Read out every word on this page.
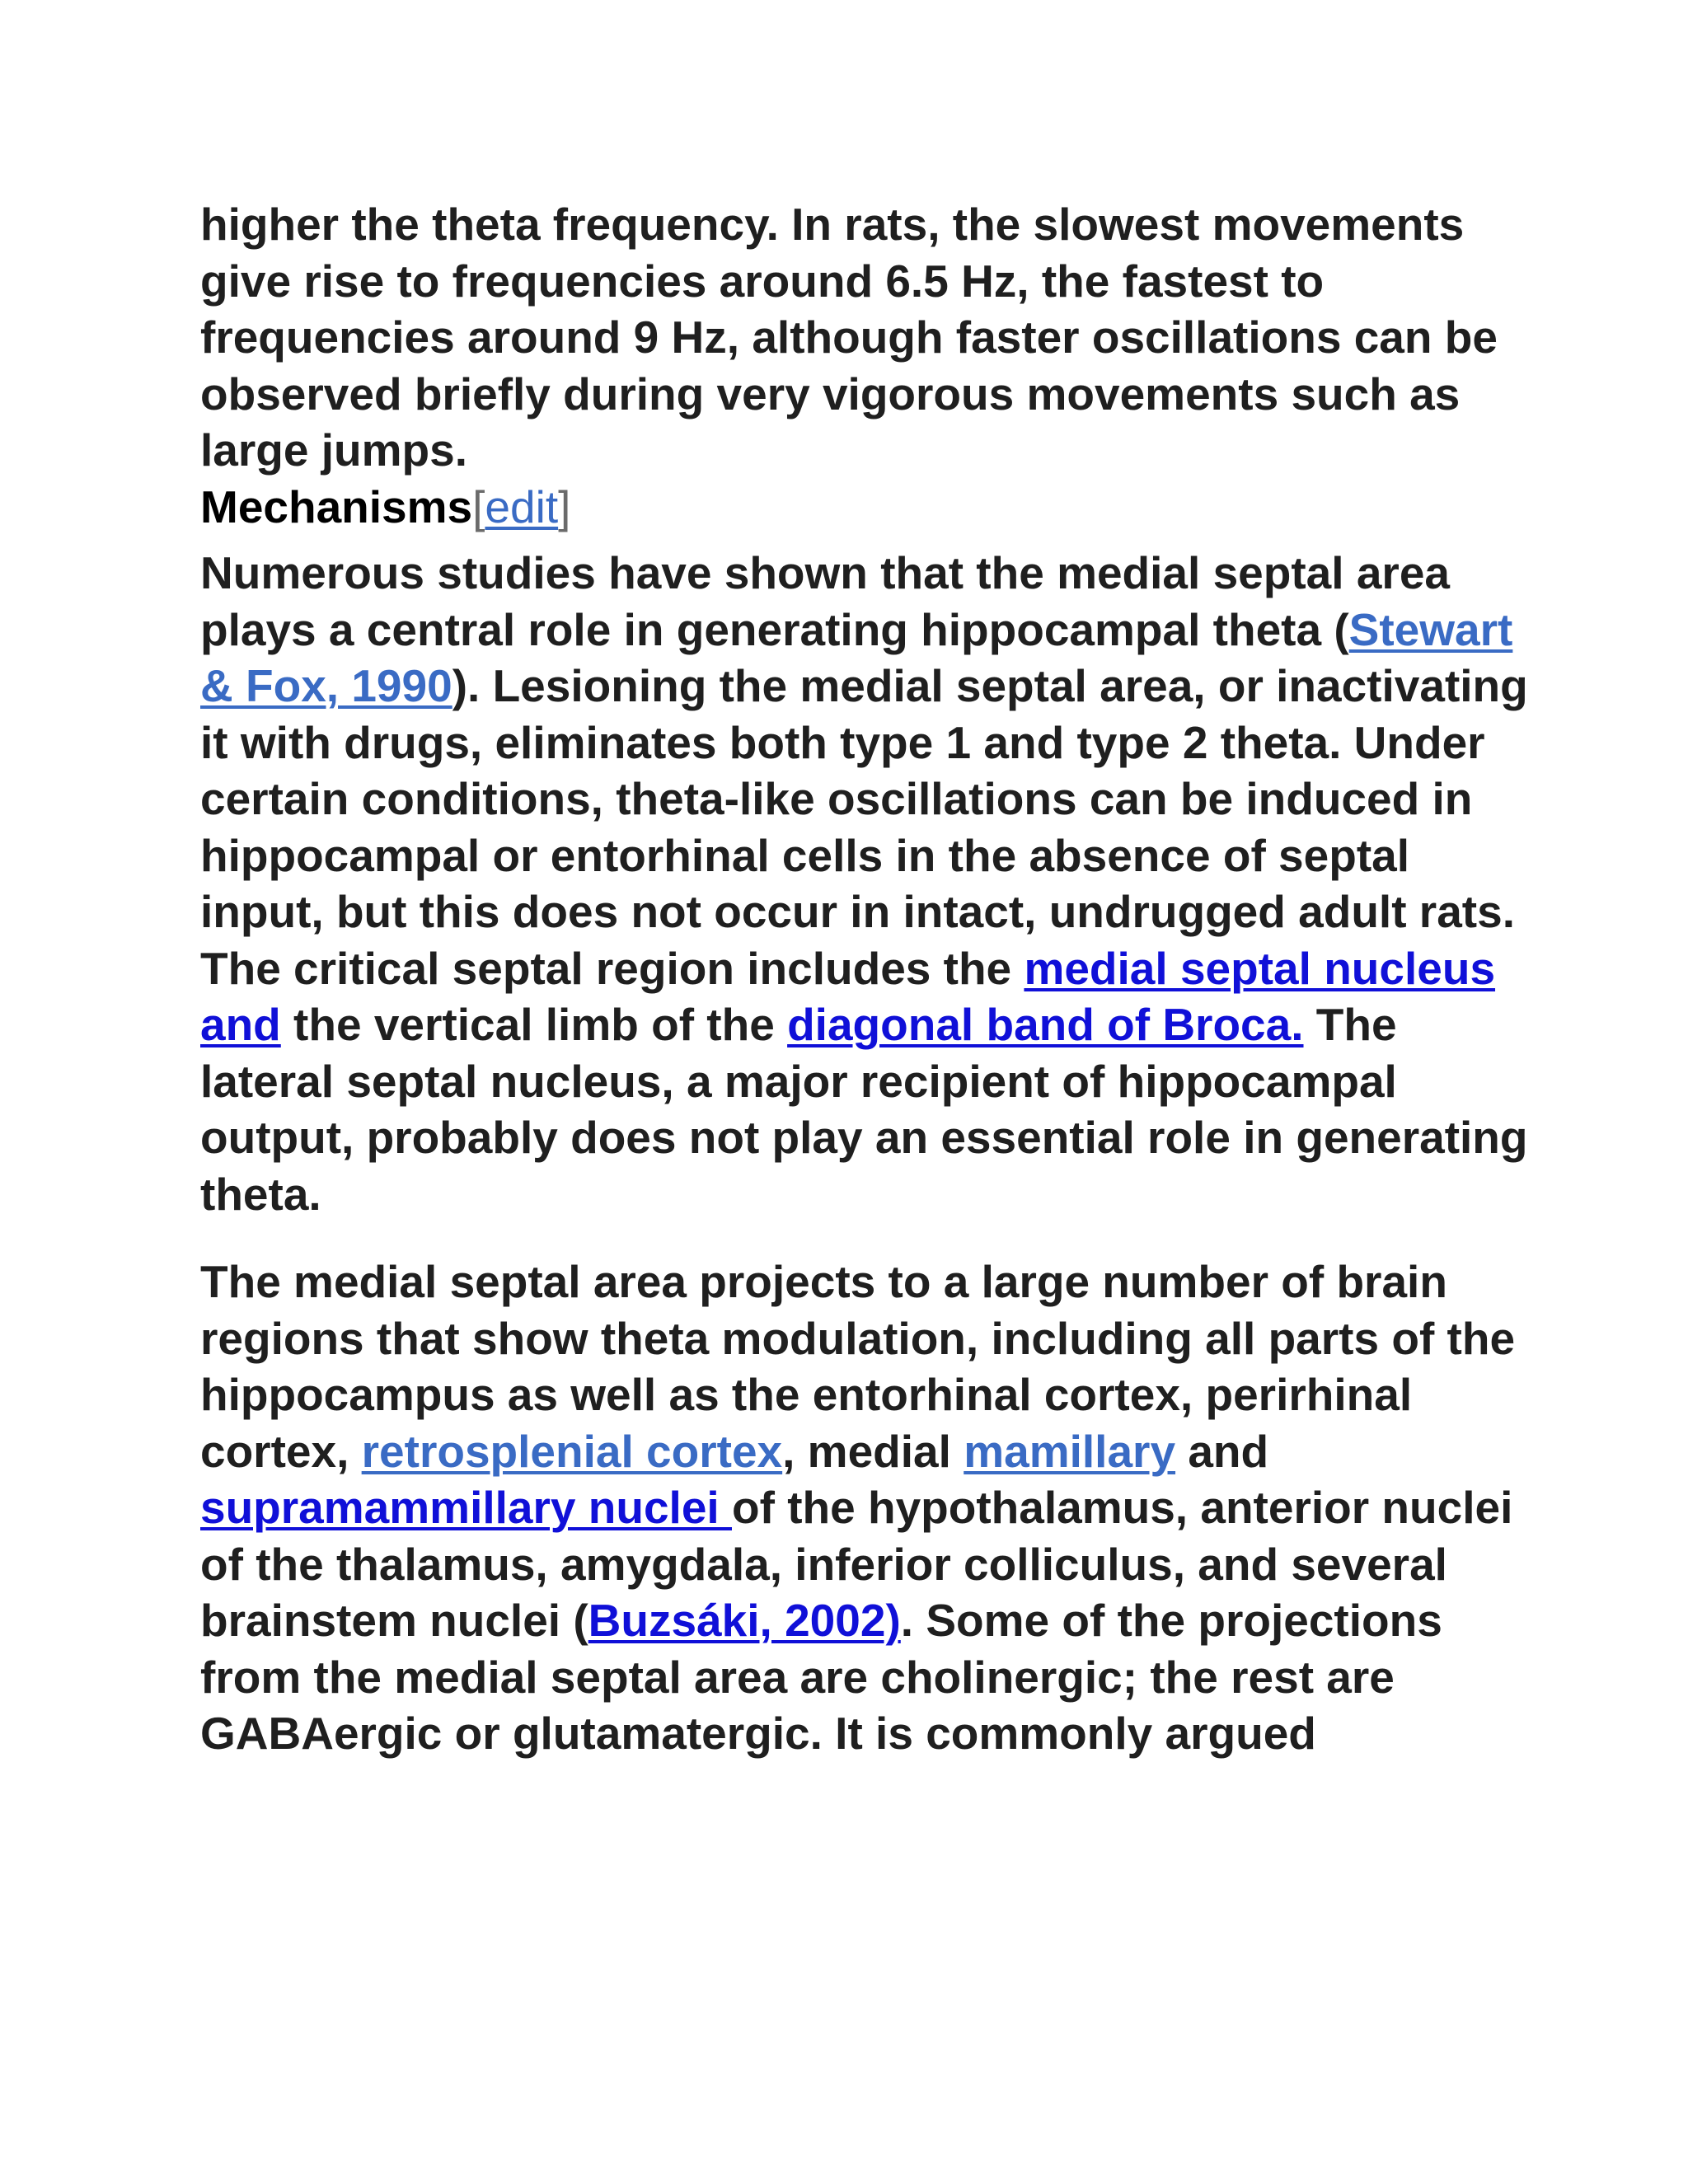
higher the theta frequency. In rats, the slowest movements give rise to frequencies around 6.5 Hz, the fastest to frequencies around 9 Hz, although faster oscillations can be observed briefly during very vigorous movements such as large jumps.

Mechanisms[edit]

Numerous studies have shown that the medial septal area plays a central role in generating hippocampal theta (Stewart & Fox, 1990). Lesioning the medial septal area, or inactivating it with drugs, eliminates both type 1 and type 2 theta. Under certain conditions, theta-like oscillations can be induced in hippocampal or entorhinal cells in the absence of septal input, but this does not occur in intact, undrugged adult rats. The critical septal region includes the medial septal nucleus and the vertical limb of the diagonal band of Broca. The lateral septal nucleus, a major recipient of hippocampal output, probably does not play an essential role in generating theta.

The medial septal area projects to a large number of brain regions that show theta modulation, including all parts of the hippocampus as well as the entorhinal cortex, perirhinal cortex, retrosplenial cortex, medial mamillary and supramammillary nuclei of the hypothalamus, anterior nuclei of the thalamus, amygdala, inferior colliculus, and several brainstem nuclei (Buzsáki, 2002). Some of the projections from the medial septal area are cholinergic; the rest are GABAergic or glutamatergic. It is commonly argued
